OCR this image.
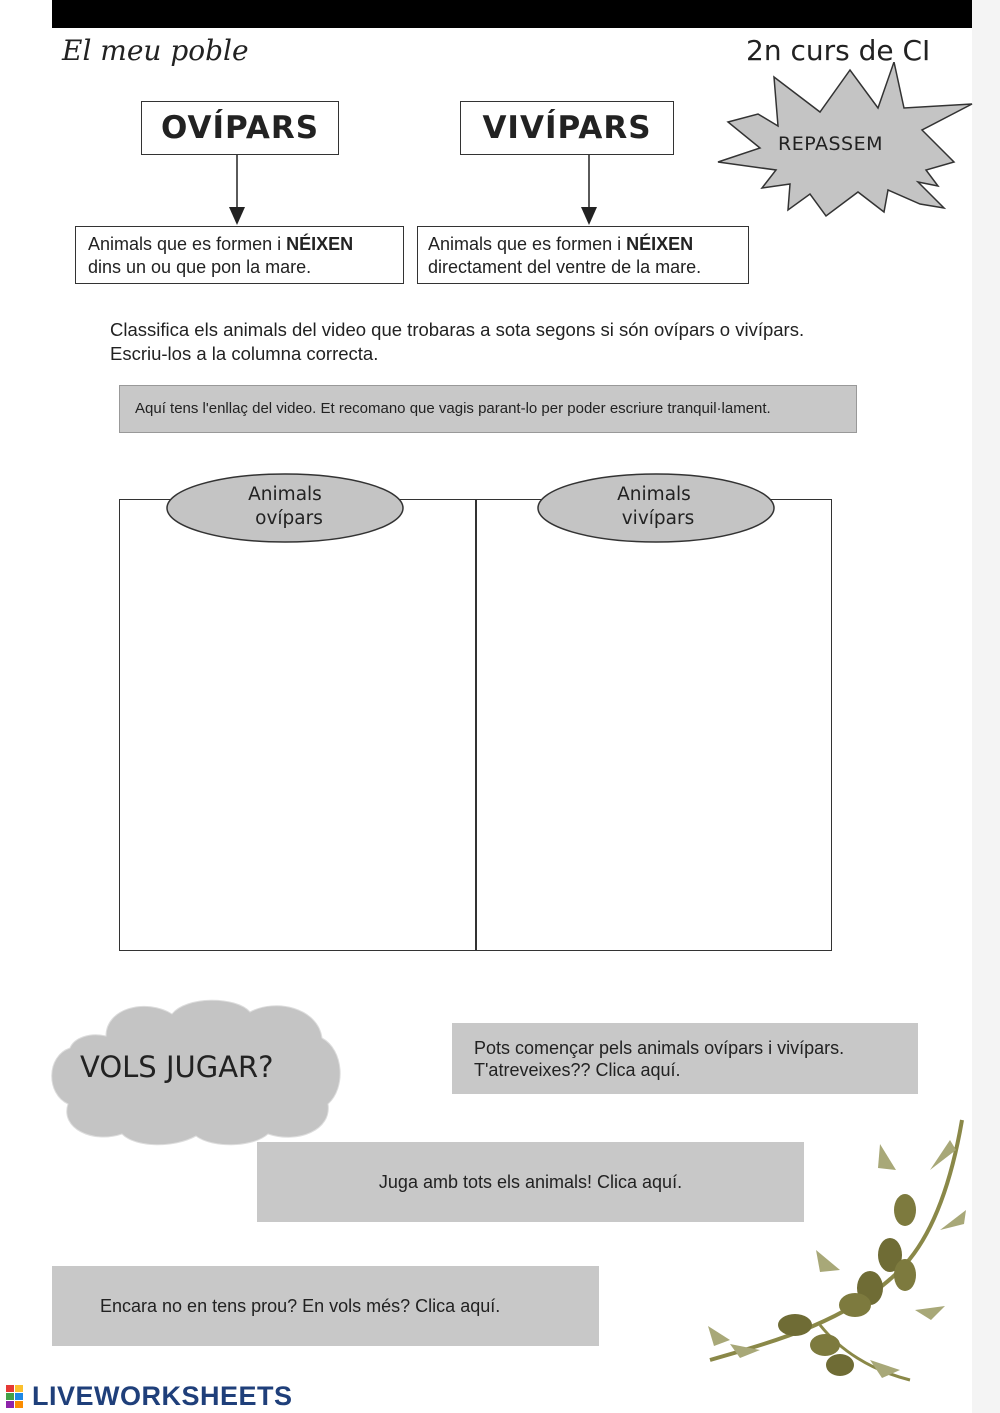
El meu poble	2n curs de CI
REPASSEM
OVÍPARS	VIVÍPARS
Animals que es formen i NÉIXEN
dins un ou que pon la mare.
Animals que es formen i NÉIXEN
directament del ventre de la mare.
Classifica els animals del video que trobaras a sota segons si són ovípars o vivípars.
Escriu-los a la columna correcta.
Aquí tens l'enllaç del video. Et recomano que vagis parant-lo per poder escriure tranquil·lament.
Animals
ovípars
Animals
vivípars
VOLS JUGAR?
Pots començar pels animals ovípars i vivípars.
T'atreveixes?? Clica aquí.
Juga amb tots els animals! Clica aquí.
Encara no en tens prou? En vols més? Clica aquí.
LIVEWORKSHEETS
